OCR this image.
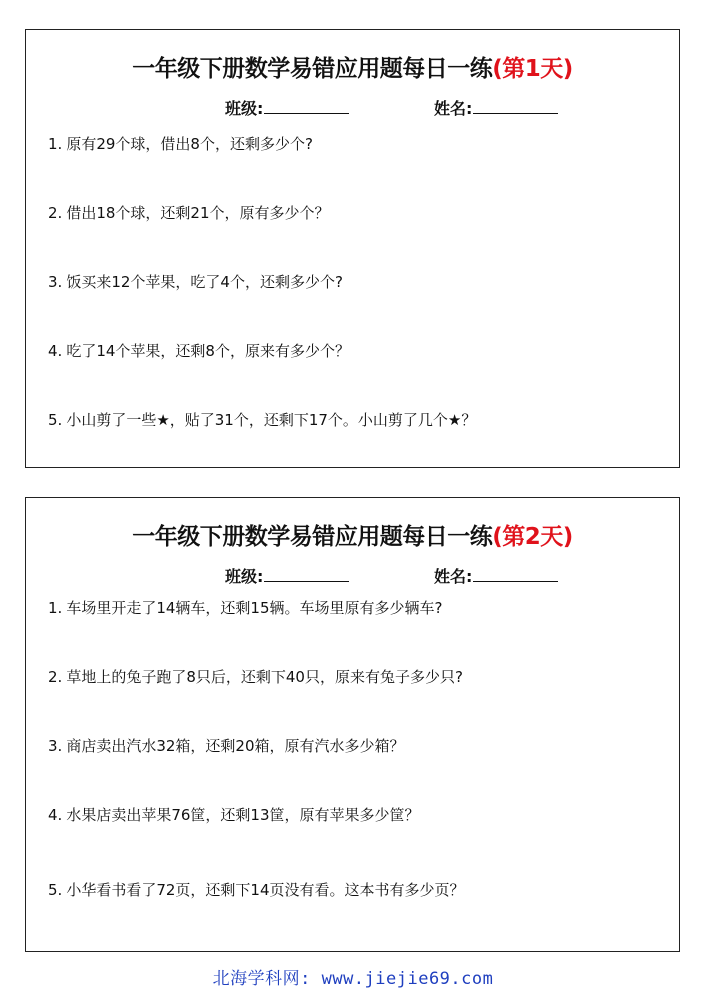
一年级下册数学易错应用题每日一练(第1天)
班级:	姓名:
1. 原有29个球，借出8个，还剩多少个?
2. 借出18个球，还剩21个，原有多少个？
3. 饭买来12个苹果，吃了4个，还剩多少个?
4. 吃了14个苹果，还剩8个，原来有多少个？
5. 小山剪了一些★，贴了31个，还剩下17个。小山剪了几个★？
一年级下册数学易错应用题每日一练(第2天)
班级:	姓名:
1. 车场里开走了14辆车，还剩15辆。车场里原有多少辆车?
2. 草地上的兔子跑了8只后，还剩下40只，原来有兔子多少只?
3. 商店卖出汽水32箱，还剩20箱，原有汽水多少箱？
4. 水果店卖出苹果76筐，还剩13筐，原有苹果多少筐？
5. 小华看书看了72页，还剩下14页没有看。这本书有多少页？
北海学科网: www.jiejie69.com
